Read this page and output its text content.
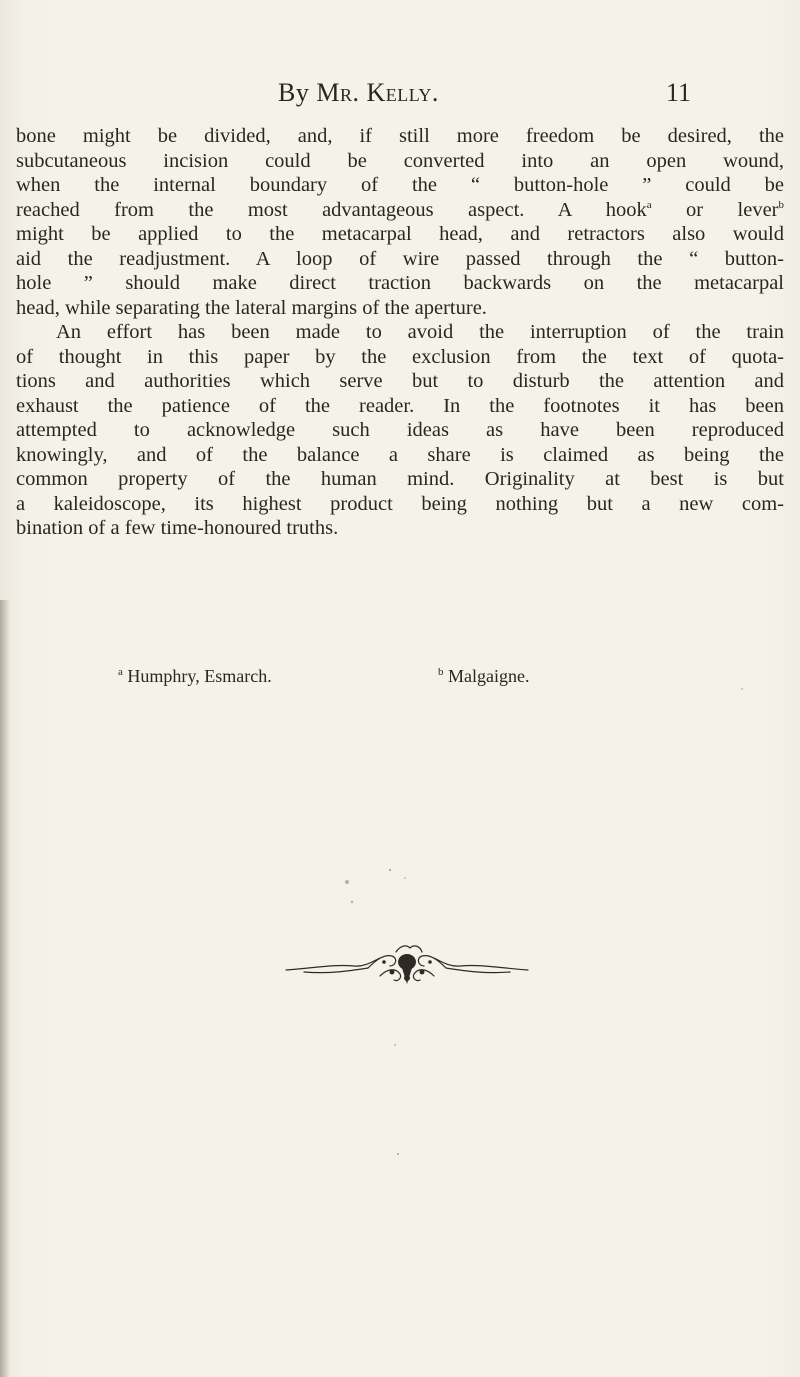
By Mr. Kelly.	11
bone might be divided, and, if still more freedom be desired, the
subcutaneous incision could be converted into an open wound,
when the internal boundary of the “ button-hole ” could be
reached from the most advantageous aspect. A hook$^a$ or lever$^b$
might be applied to the metacarpal head, and retractors also would
aid the readjustment. A loop of wire passed through the “ button-
hole ” should make direct traction backwards on the metacarpal
head, while separating the lateral margins of the aperture.
An effort has been made to avoid the interruption of the train
of thought in this paper by the exclusion from the text of quota-
tions and authorities which serve but to disturb the attention and
exhaust the patience of the reader. In the footnotes it has been
attempted to acknowledge such ideas as have been reproduced
knowingly, and of the balance a share is claimed as being the
common property of the human mind. Originality at best is but
a kaleidoscope, its highest product being nothing but a new com-
bination of a few time-honoured truths.
$^a$ Humphry, Esmarch.	$^b$ Malgaigne.
